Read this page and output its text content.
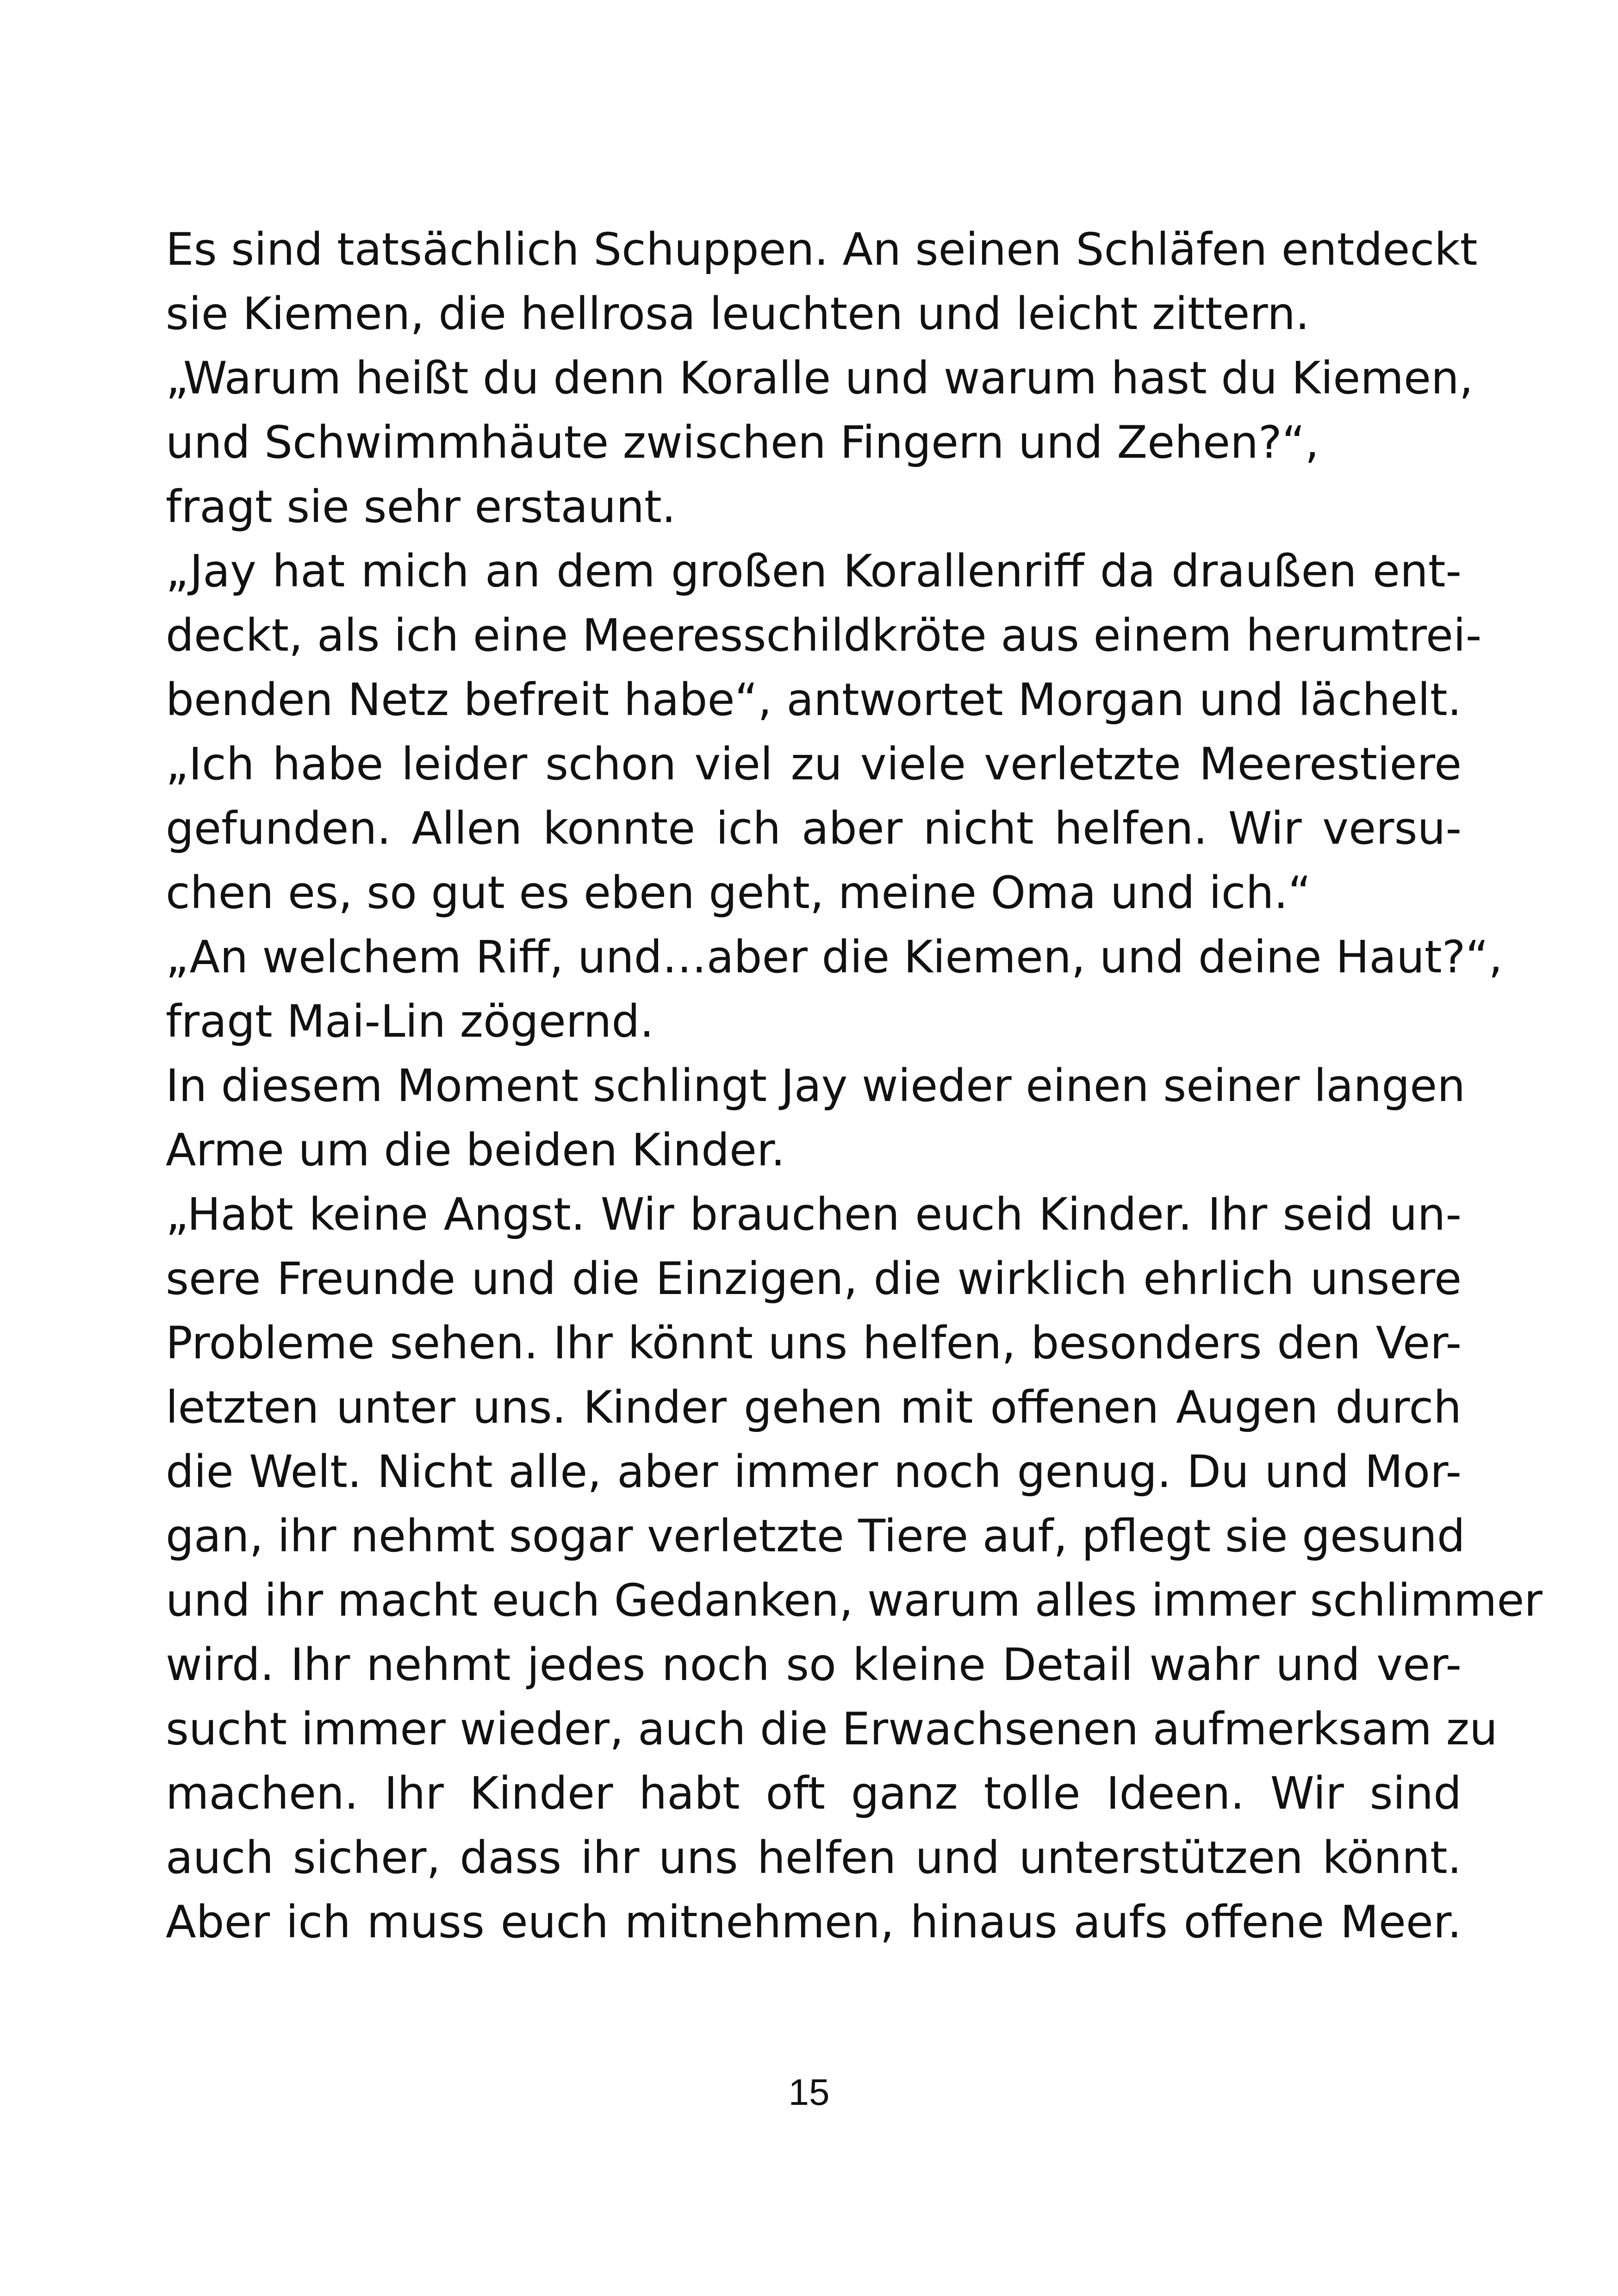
Es sind tatsächlich Schuppen. An seinen Schläfen entdeckt
sie Kiemen, die hellrosa leuchten und leicht zittern.
„Warum heißt du denn Koralle und warum hast du Kiemen,
und Schwimmhäute zwischen Fingern und Zehen?“,
fragt sie sehr erstaunt.
„Jay hat mich an dem großen Korallenriff da draußen ent-
deckt, als ich eine Meeresschildkröte aus einem herumtrei-
benden Netz befreit habe“, antwortet Morgan und lächelt.
„Ich habe leider schon viel zu viele verletzte Meerestiere
gefunden. Allen konnte ich aber nicht helfen. Wir versu-
chen es, so gut es eben geht, meine Oma und ich.“
„An welchem Riff, und…aber die Kiemen, und deine Haut?“,
fragt Mai-Lin zögernd.
In diesem Moment schlingt Jay wieder einen seiner langen
Arme um die beiden Kinder.
„Habt keine Angst. Wir brauchen euch Kinder. Ihr seid un-
sere Freunde und die Einzigen, die wirklich ehrlich unsere
Probleme sehen. Ihr könnt uns helfen, besonders den Ver-
letzten unter uns. Kinder gehen mit offenen Augen durch
die Welt. Nicht alle, aber immer noch genug. Du und Mor-
gan, ihr nehmt sogar verletzte Tiere auf, pflegt sie gesund
und ihr macht euch Gedanken, warum alles immer schlimmer
wird. Ihr nehmt jedes noch so kleine Detail wahr und ver-
sucht immer wieder, auch die Erwachsenen aufmerksam zu
machen. Ihr Kinder habt oft ganz tolle Ideen. Wir sind
auch sicher, dass ihr uns helfen und unterstützen könnt.
Aber ich muss euch mitnehmen, hinaus aufs offene Meer.
15
